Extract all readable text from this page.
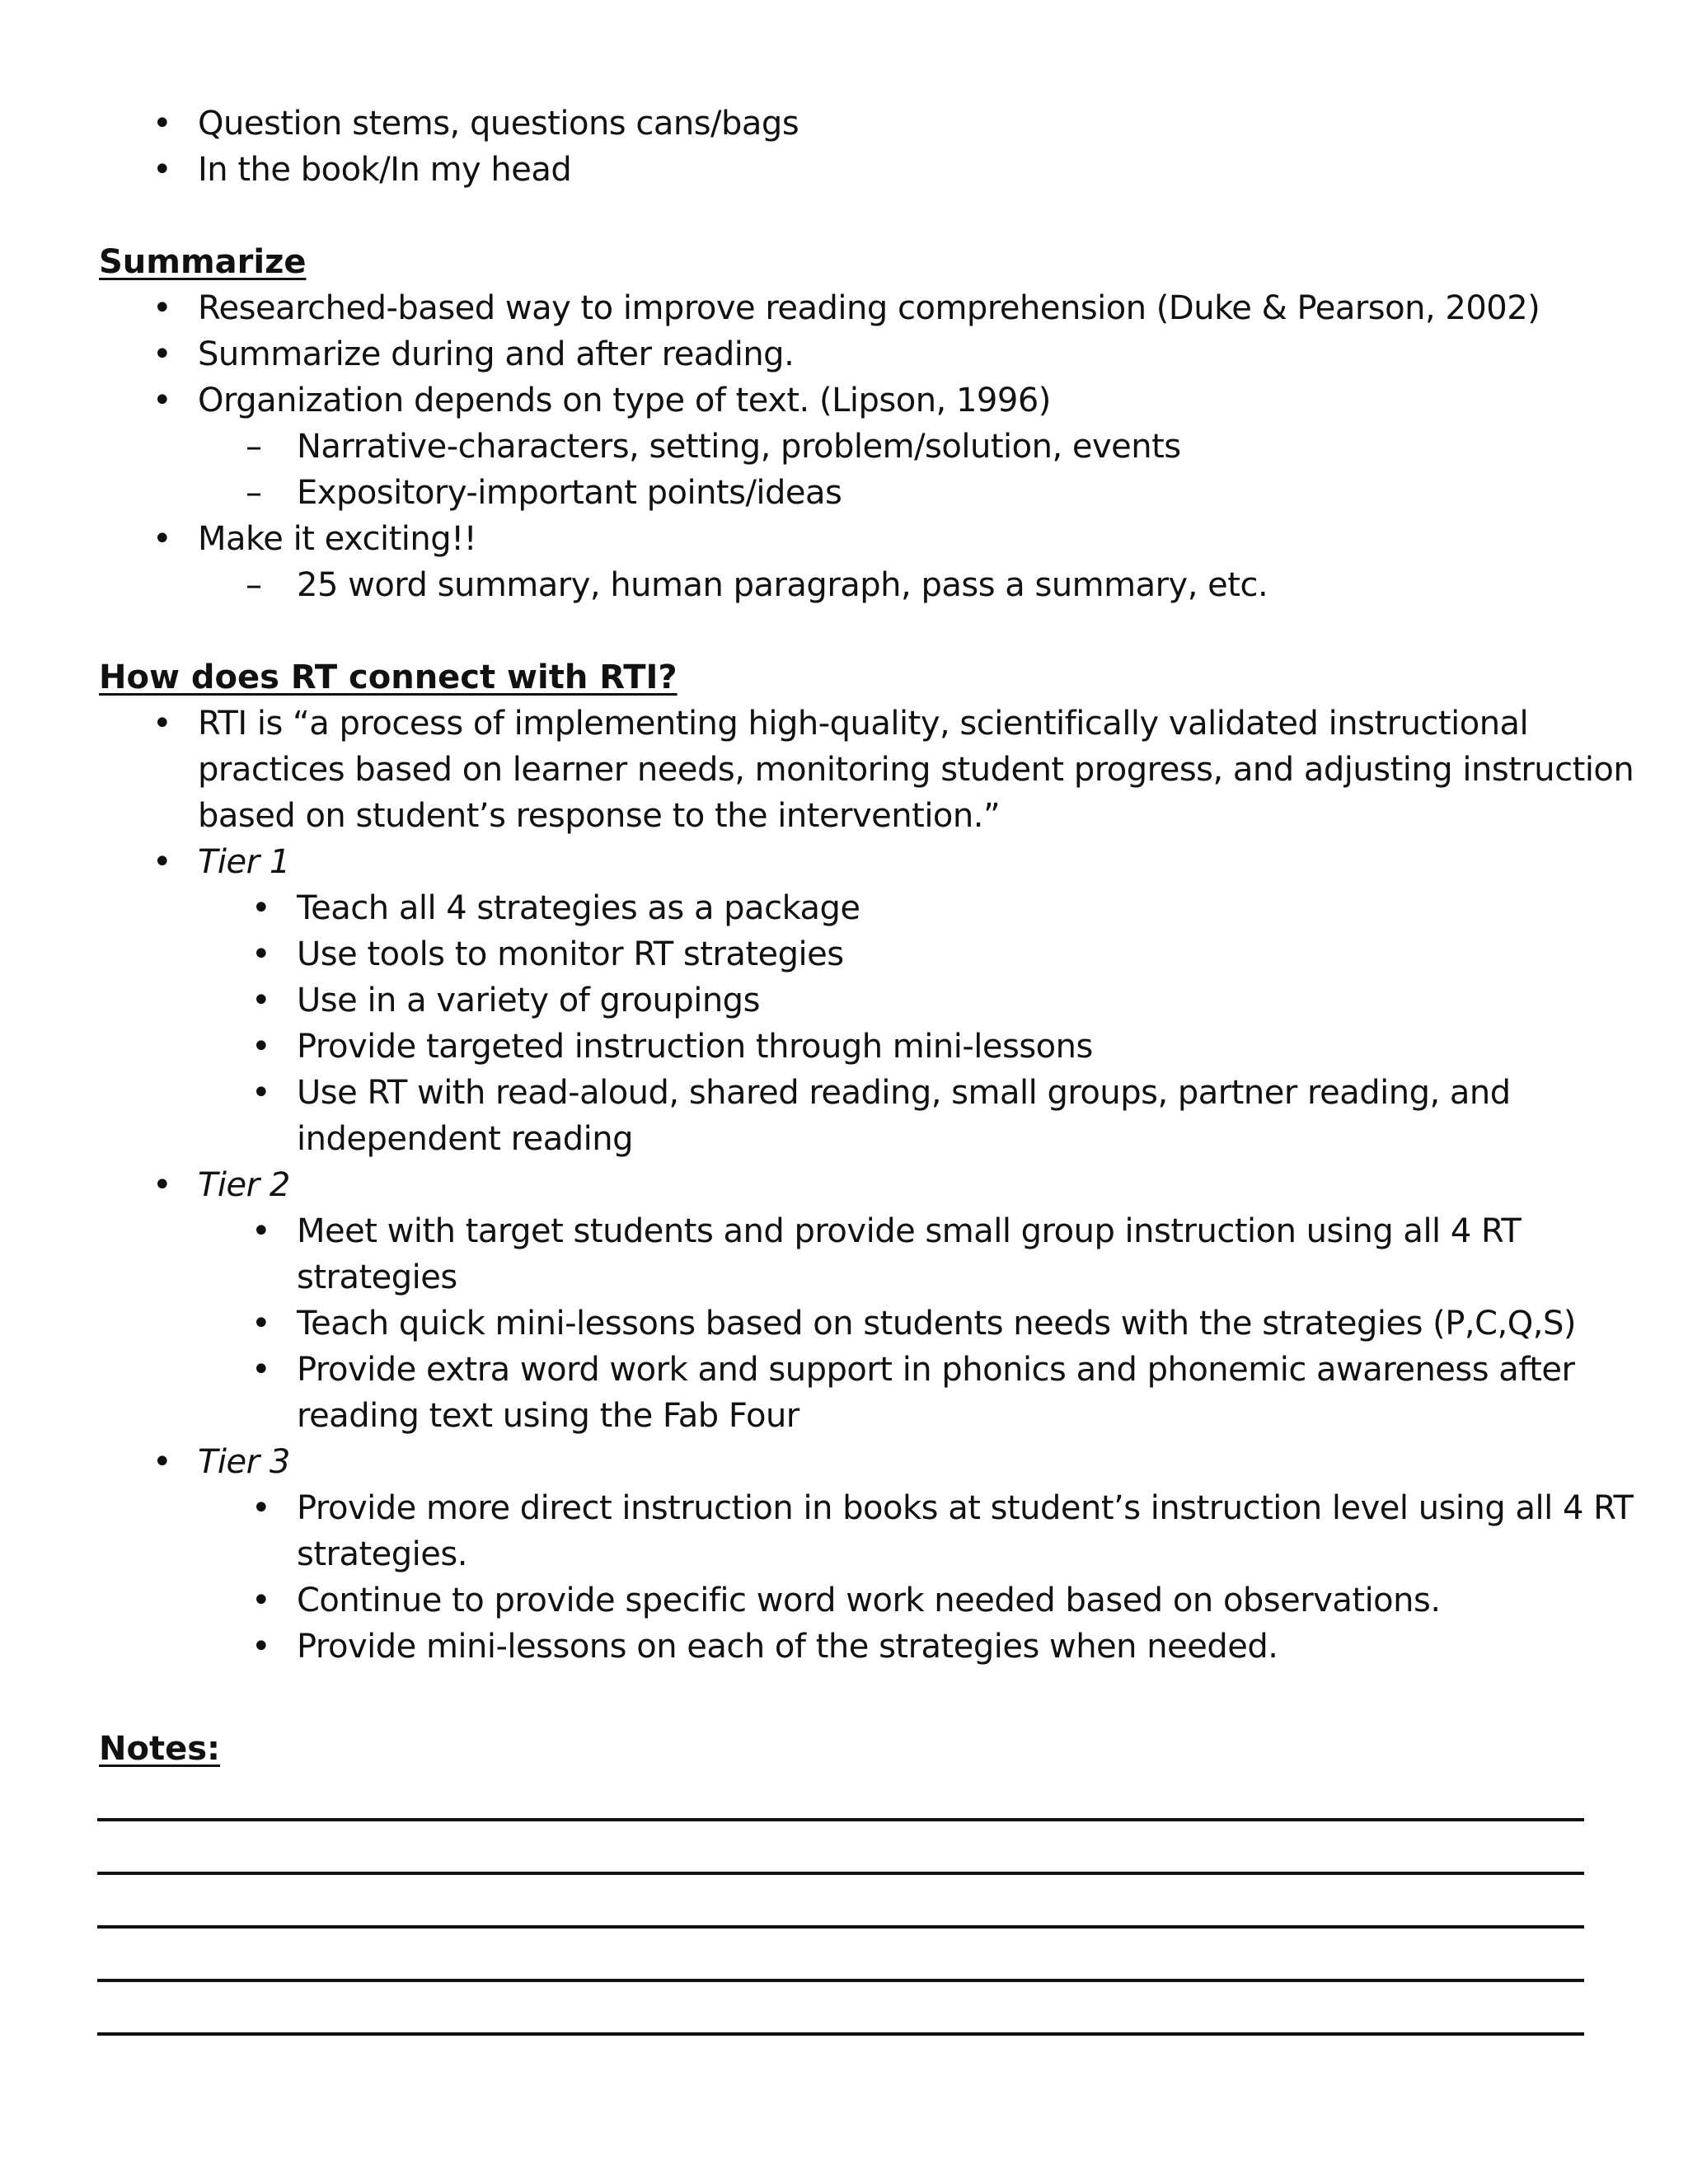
• Question stems, questions cans/bags
• In the book/In my head
Summarize
• Researched-based way to improve reading comprehension (Duke & Pearson, 2002)
• Summarize during and after reading.
• Organization depends on type of text. (Lipson, 1996)
– Narrative-characters, setting, problem/solution, events
– Expository-important points/ideas
• Make it exciting!!
– 25 word summary, human paragraph, pass a summary, etc.
How does RT connect with RTI?
• RTI is “a process of implementing high-quality, scientifically validated instructional
practices based on learner needs, monitoring student progress, and adjusting instruction
based on student’s response to the intervention.”
• Tier 1
• Teach all 4 strategies as a package
• Use tools to monitor RT strategies
• Use in a variety of groupings
• Provide targeted instruction through mini-lessons
• Use RT with read-aloud, shared reading, small groups, partner reading, and
independent reading
• Tier 2
• Meet with target students and provide small group instruction using all 4 RT
strategies
• Teach quick mini-lessons based on students needs with the strategies (P,C,Q,S)
• Provide extra word work and support in phonics and phonemic awareness after
reading text using the Fab Four
• Tier 3
• Provide more direct instruction in books at student’s instruction level using all 4 RT
strategies.
• Continue to provide specific word work needed based on observations.
• Provide mini-lessons on each of the strategies when needed.
Notes:
